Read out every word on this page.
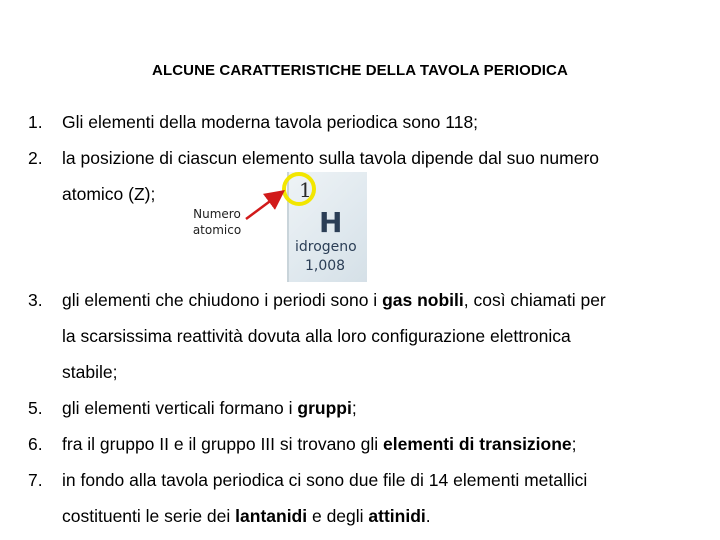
ALCUNE CARATTERISTICHE DELLA TAVOLA PERIODICA
1. Gli elementi della moderna tavola periodica sono 118;
2. la posizione di ciascun elemento sulla tavola dipende dal suo numero
atomico (Z);
Numero
atomico
1
H
idrogeno
1,008
3. gli elementi che chiudono i periodi sono i gas nobili, così chiamati per
la scarsissima reattività dovuta alla loro configurazione elettronica
stabile;
5. gli elementi verticali formano i gruppi;
6. fra il gruppo II e il gruppo III si trovano gli elementi di transizione;
7. in fondo alla tavola periodica ci sono due file di 14 elementi metallici
costituenti le serie dei lantanidi e degli attinidi.
